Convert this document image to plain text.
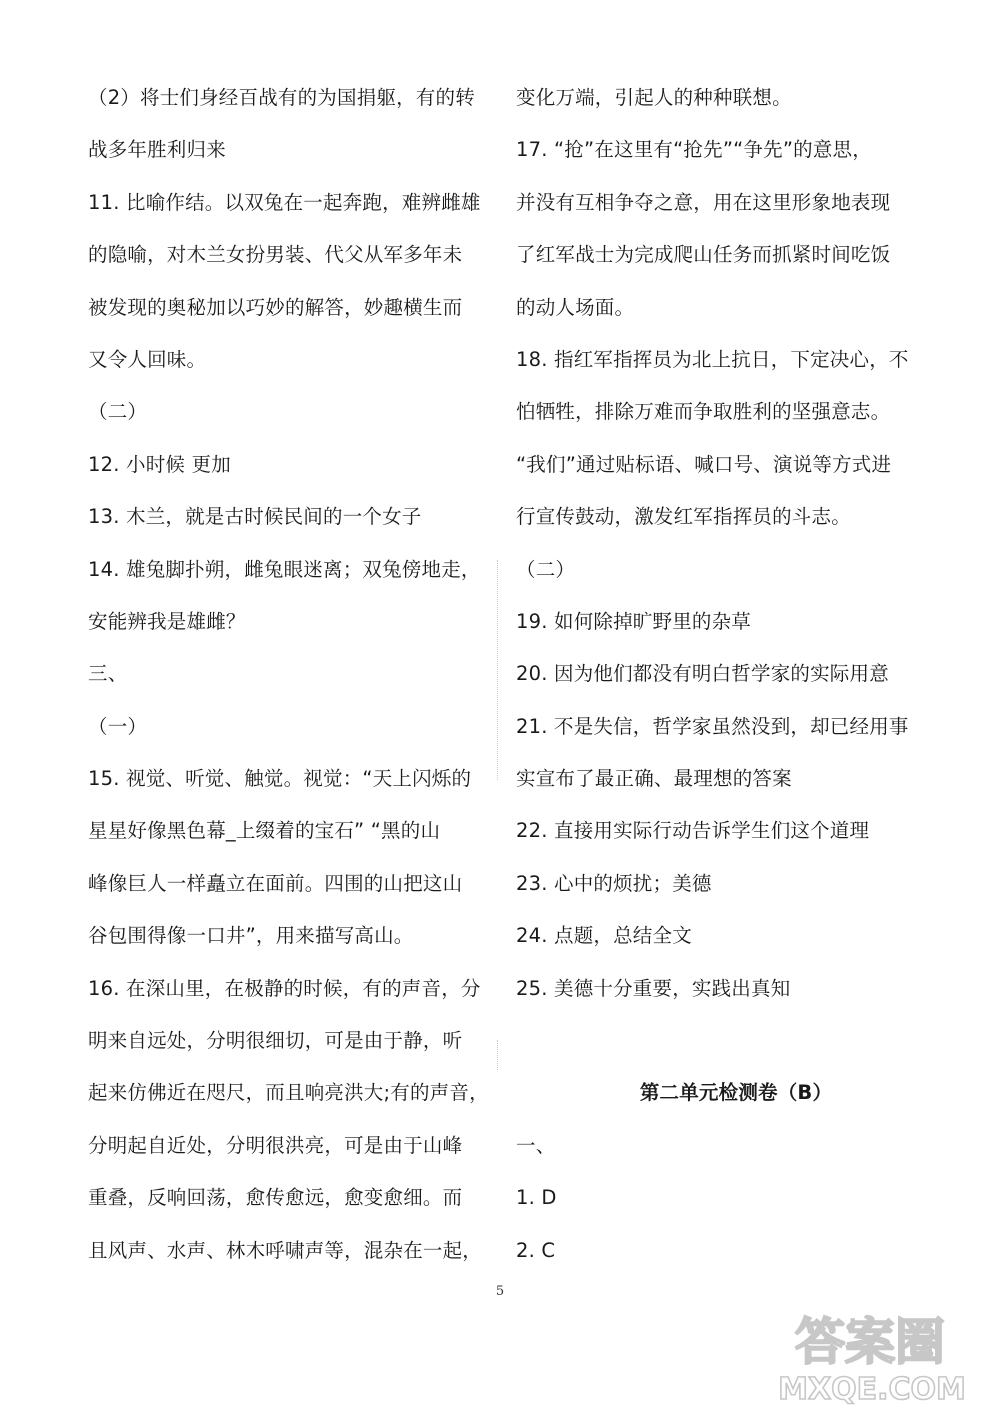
（2）将士们身经百战有的为国捐躯，有的转
战多年胜利归来
11. 比喻作结。以双兔在一起奔跑，难辨雌雄
的隐喻，对木兰女扮男装、代父从军多年未
被发现的奥秘加以巧妙的解答，妙趣横生而
又令人回味。
（二）
12. 小时候 更加
13. 木兰，就是古时候民间的一个女子
14. 雄兔脚扑朔，雌兔眼迷离；双兔傍地走，
安能辨我是雄雌？
三、
（一）
15. 视觉、听觉、触觉。视觉：“天上闪烁的
星星好像黑色幕_上缀着的宝石” “黑的山
峰像巨人一样矗立在面前。四围的山把这山
谷包围得像一口井”，用来描写高山。
16. 在深山里，在极静的时候，有的声音，分
明来自远处，分明很细切，可是由于静，听
起来仿佛近在咫尺，而且响亮洪大;有的声音，
分明起自近处，分明很洪亮，可是由于山峰
重叠，反响回荡，愈传愈远，愈变愈细。而
且风声、水声、林木呼啸声等，混杂在一起，
变化万端，引起人的种种联想。
17. “抢”在这里有“抢先”“争先”的意思，
并没有互相争夺之意，用在这里形象地表现
了红军战士为完成爬山任务而抓紧时间吃饭
的动人场面。
18. 指红军指挥员为北上抗日，下定决心，不
怕牺牲，排除万难而争取胜利的坚强意志。
“我们”通过贴标语、喊口号、演说等方式进
行宣传鼓动，激发红军指挥员的斗志。
（二）
19. 如何除掉旷野里的杂草
20. 因为他们都没有明白哲学家的实际用意
21. 不是失信，哲学家虽然没到，却已经用事
实宣布了最正确、最理想的答案
22. 直接用实际行动告诉学生们这个道理
23. 心中的烦扰；美德
24. 点题，总结全文
25. 美德十分重要，实践出真知
第二单元检测卷（B）
一、
1. D
2. C
5
答案圈
MXQE.COM
